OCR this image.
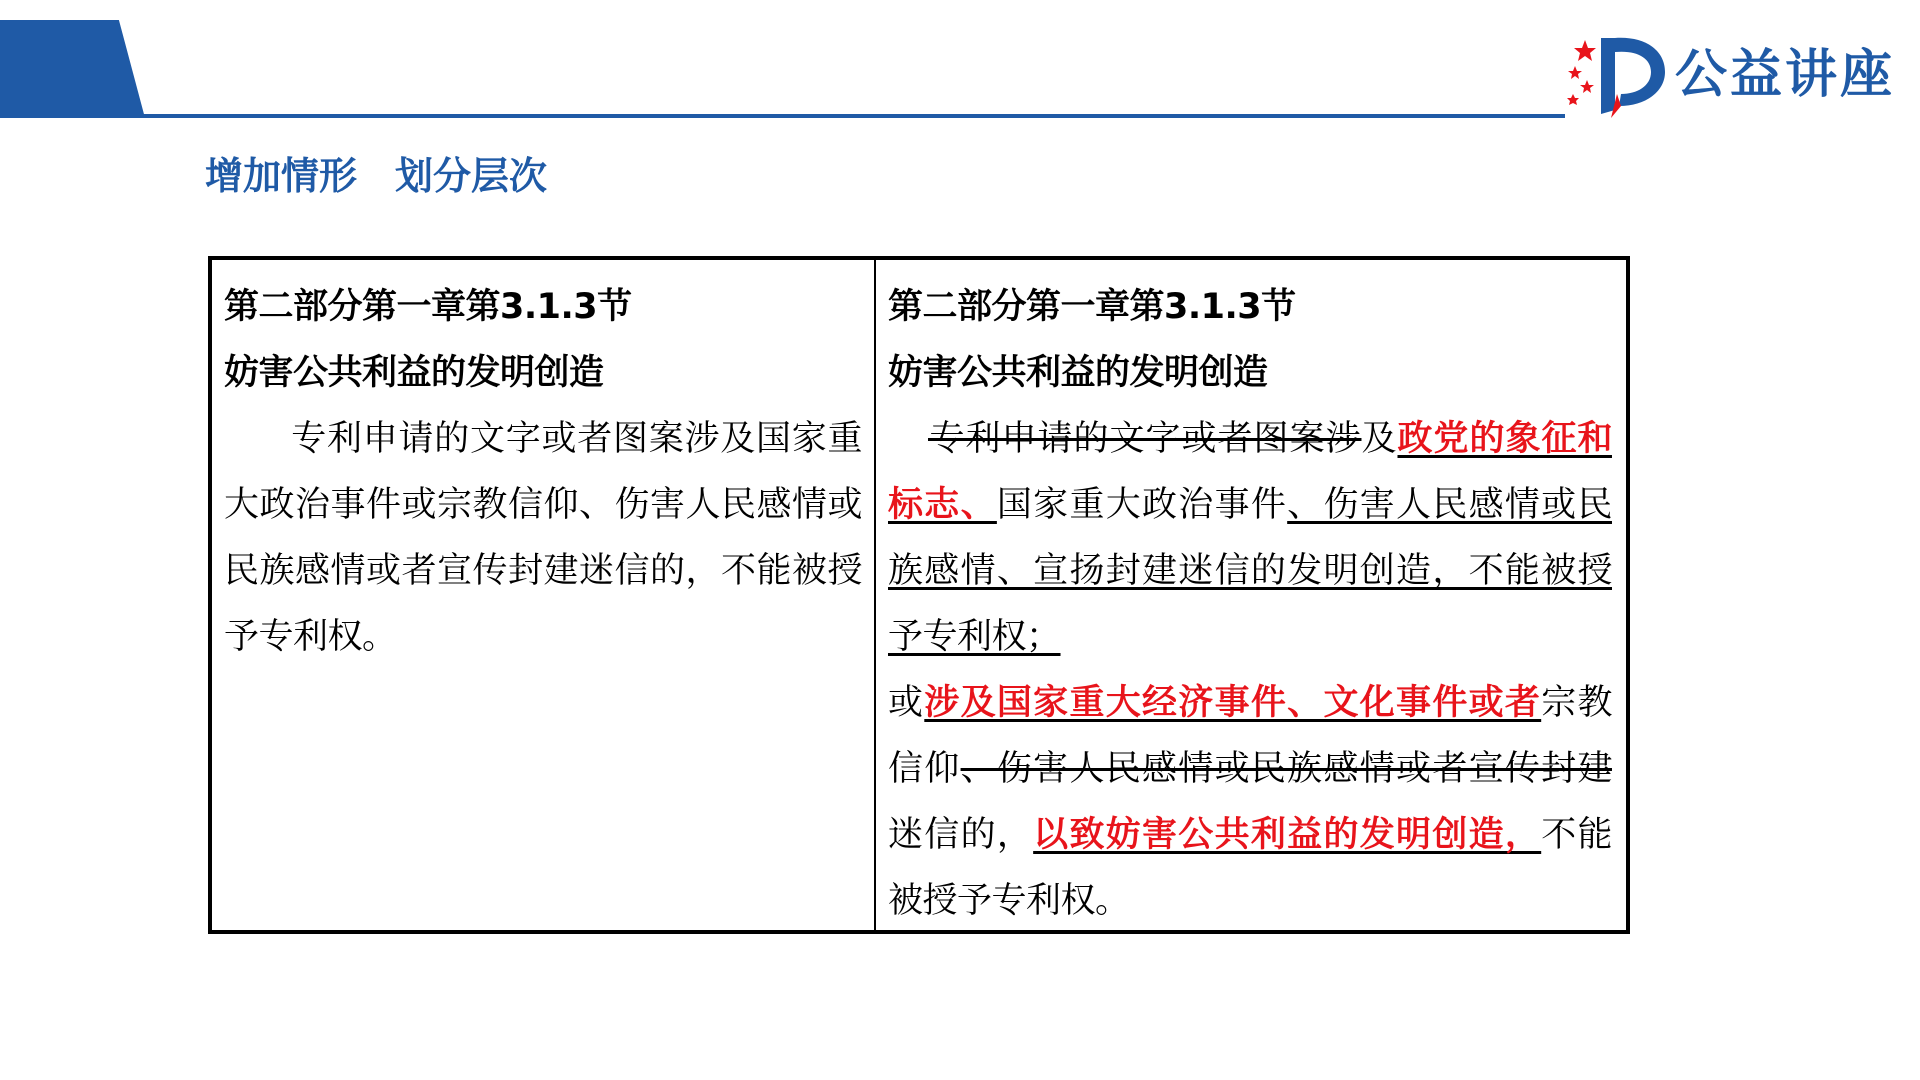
公益讲座
增加情形　划分层次
第二部分第一章第3.1.3节
妨害公共利益的发明创造
专利申请的文字或者图案涉及国家重大政治事件或宗教信仰、伤害人民感情或民族感情或者宣传封建迷信的，不能被授予专利权。
第二部分第一章第3.1.3节
妨害公共利益的发明创造
专利申请的文字或者图案涉及政党的象征和标志、国家重大政治事件、伤害人民感情或民族感情、宣扬封建迷信的发明创造，不能被授予专利权；
或涉及国家重大经济事件、文化事件或者宗教信仰、伤害人民感情或民族感情或者宣传封建迷信的，以致妨害公共利益的发明创造，不能被授予专利权。
